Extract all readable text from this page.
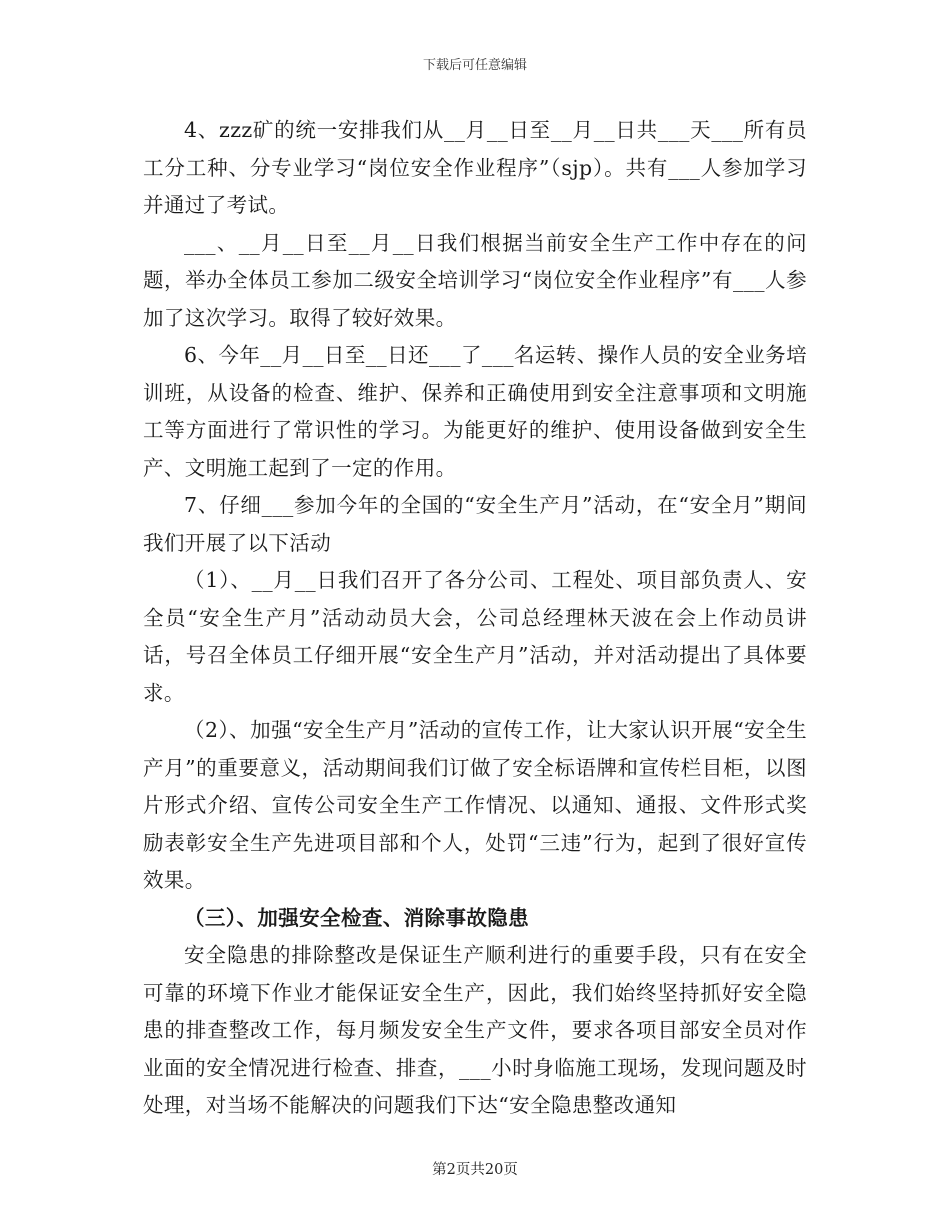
下载后可任意编辑

4、zzz矿的统一安排我们从__月__日至__月__日共___天___所有员工分工种、分专业学习“岗位安全作业程序”（sjp）。共有___人参加学习并通过了考试。

___、__月__日至__月__日我们根据当前安全生产工作中存在的问题，举办全体员工参加二级安全培训学习“岗位安全作业程序”有___人参加了这次学习。取得了较好效果。

6、今年__月__日至__日还___了___名运转、操作人员的安全业务培训班，从设备的检查、维护、保养和正确使用到安全注意事项和文明施工等方面进行了常识性的学习。为能更好的维护、使用设备做到安全生产、文明施工起到了一定的作用。

7、仔细___参加今年的全国的“安全生产月”活动，在“安全月”期间我们开展了以下活动

（1）、__月__日我们召开了各分公司、工程处、项目部负责人、安全员“安全生产月”活动动员大会，公司总经理林天波在会上作动员讲话，号召全体员工仔细开展“安全生产月”活动，并对活动提出了具体要求。

（2）、加强“安全生产月”活动的宣传工作，让大家认识开展“安全生产月”的重要意义，活动期间我们订做了安全标语牌和宣传栏目柜，以图片形式介绍、宣传公司安全生产工作情况、以通知、通报、文件形式奖励表彰安全生产先进项目部和个人，处罚“三违”行为，起到了很好宣传效果。

（三）、加强安全检查、消除事故隐患

安全隐患的排除整改是保证生产顺利进行的重要手段，只有在安全可靠的环境下作业才能保证安全生产，因此，我们始终坚持抓好安全隐患的排查整改工作，每月频发安全生产文件，要求各项目部安全员对作业面的安全情况进行检查、排查，___小时身临施工现场，发现问题及时处理，对当场不能解决的问题我们下达“安全隐患整改通知

第2页共20页
